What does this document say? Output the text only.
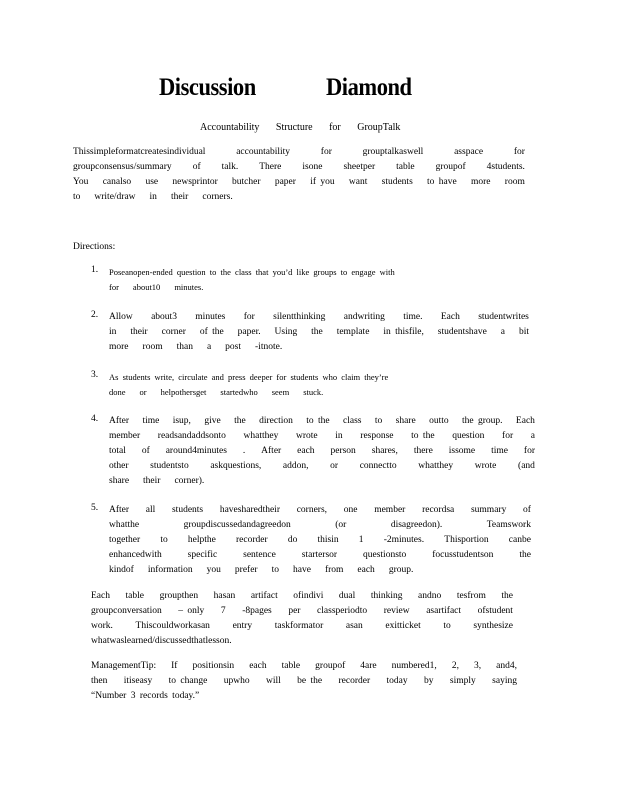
Discussion	Diamond
Accountability Structure for GroupTalk
Thissimpleformatcreatesindividual	accountability	for	grouptalkaswell	asspace	for
groupconsensus/summary of talk. There isone sheetper table groupof 4students.
You canalso use newsprintor butcher paper if you want students to have more room
to write/draw in their corners.
Directions:
1. Poseanopen-ended question to the class that you’d like groups to engage with
for about10 minutes.
2. Allow about3 minutes for silentthinking andwriting time. Each studentwrites
in their corner of the paper. Using the template in thisfile, studentshave a bit
more room than a post -itnote.
3. As students write, circulate and press deeper for students who claim they’re
done or helpothersget startedwho seem stuck.
4. After time isup, give the direction to the class to share outto the group. Each
member readsandaddsonto whatthey wrote in response to the question for a
total of around4minutes . After each person shares, there issome time for
other studentsto askquestions, addon, or connectto whatthey wrote (and
share their corner).
5. After all students havesharedtheir corners, one member recordsa summary of
whatthe	groupdiscussedandagreedon	(or	disagreedon).	Teamswork
together to helpthe recorder do thisin 1 -2minutes. Thisportion canbe
enhancedwith	specific	sentence	startersor	questionsto	focusstudentson	the
kindof information you prefer to have from each group.
Each table groupthen hasan artifact ofindivi dual thinking andno tesfrom the
groupconversation – only 7 -8pages per classperiodto review asartifact ofstudent
work. Thiscouldworkasan entry taskformator asan exitticket to synthesize
whatwaslearned/discussedthatlesson.
ManagementTip: If positionsin each table groupof 4are numbered1, 2, 3, and4,
then itiseasy to change upwho will be the recorder today by simply saying
“Number 3 records today.”
